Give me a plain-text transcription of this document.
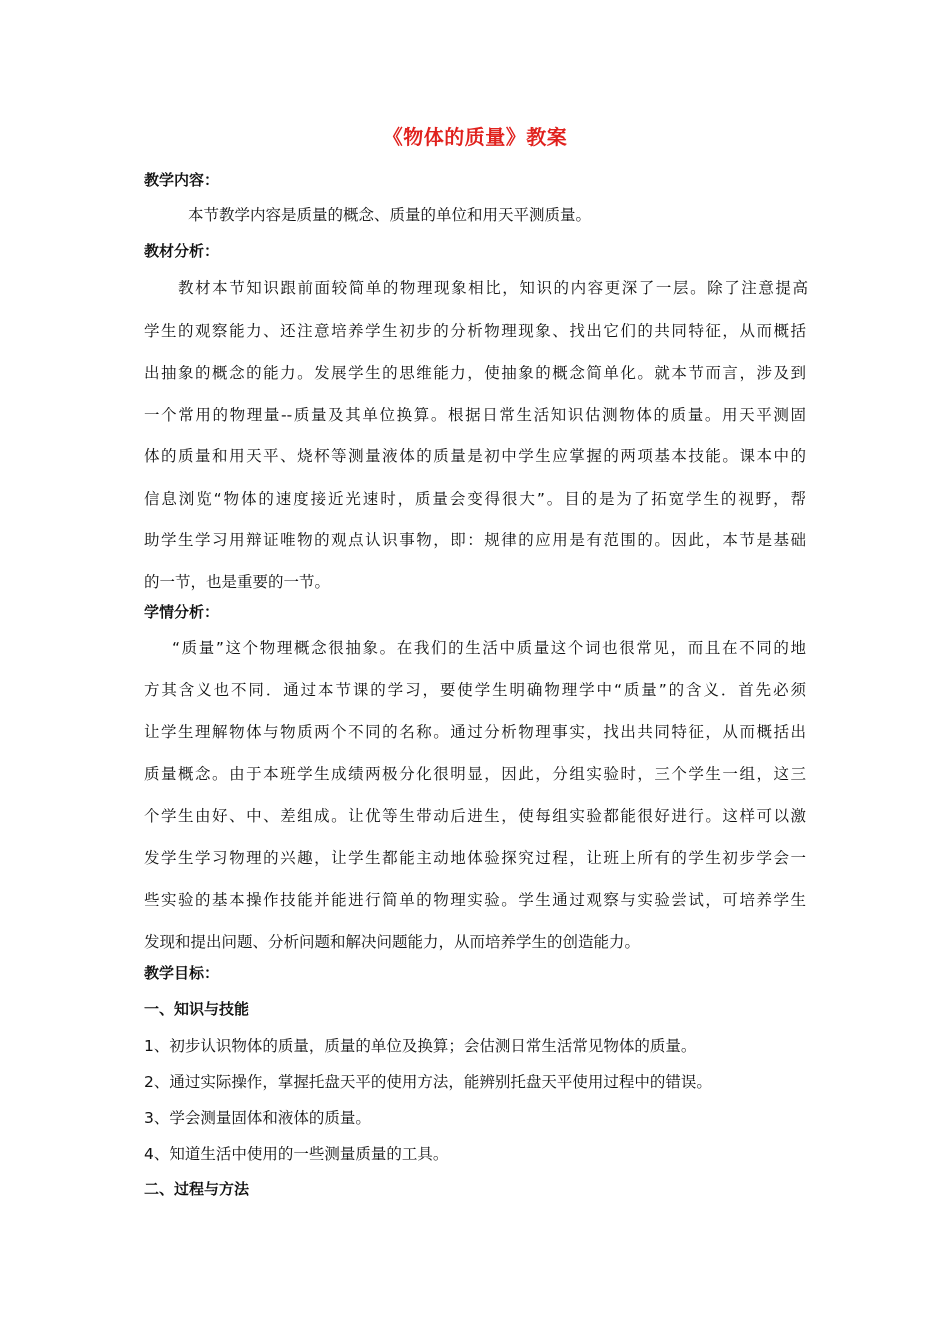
《物体的质量》教案
教学内容：
本节教学内容是质量的概念、质量的单位和用天平测质量。
教材分析：
教材本节知识跟前面较简单的物理现象相比，知识的内容更深了一层。除了注意提高
学生的观察能力、还注意培养学生初步的分析物理现象、找出它们的共同特征，从而概括
出抽象的概念的能力。发展学生的思维能力，使抽象的概念简单化。就本节而言，涉及到
一个常用的物理量--质量及其单位换算。根据日常生活知识估测物体的质量。用天平测固
体的质量和用天平、烧杯等测量液体的质量是初中学生应掌握的两项基本技能。课本中的
信息浏览“物体的速度接近光速时，质量会变得很大”。目的是为了拓宽学生的视野，帮
助学生学习用辩证唯物的观点认识事物，即：规律的应用是有范围的。因此，本节是基础
的一节，也是重要的一节。
学情分析：
“质量”这个物理概念很抽象。在我们的生活中质量这个词也很常见，而且在不同的地
方其含义也不同．通过本节课的学习，要使学生明确物理学中“质量”的含义．首先必须
让学生理解物体与物质两个不同的名称。通过分析物理事实，找出共同特征，从而概括出
质量概念。由于本班学生成绩两极分化很明显，因此，分组实验时，三个学生一组，这三
个学生由好、中、差组成。让优等生带动后进生，使每组实验都能很好进行。这样可以激
发学生学习物理的兴趣，让学生都能主动地体验探究过程，让班上所有的学生初步学会一
些实验的基本操作技能并能进行简单的物理实验。学生通过观察与实验尝试，可培养学生
发现和提出问题、分析问题和解决问题能力，从而培养学生的创造能力。
教学目标：
一、知识与技能
1、初步认识物体的质量，质量的单位及换算；会估测日常生活常见物体的质量。
2、通过实际操作，掌握托盘天平的使用方法，能辨别托盘天平使用过程中的错误。
3、学会测量固体和液体的质量。
4、知道生活中使用的一些测量质量的工具。
二、过程与方法
